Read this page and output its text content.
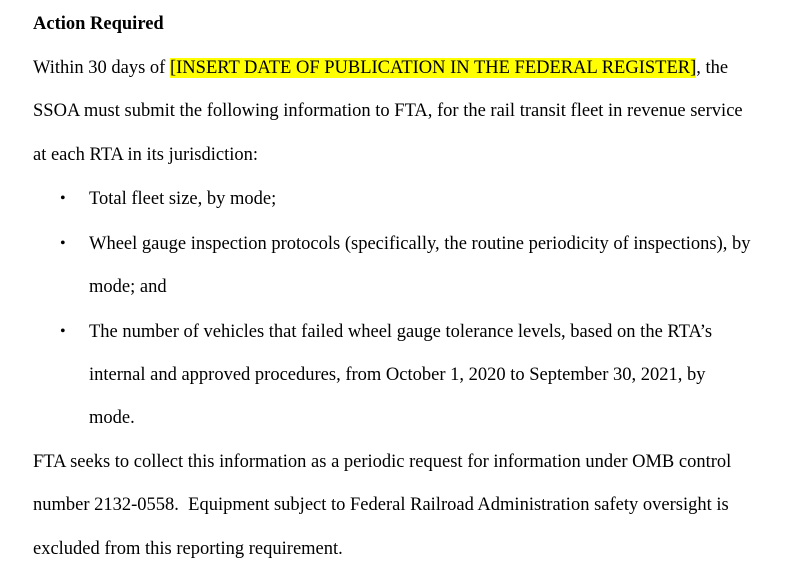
Action Required
Within 30 days of [INSERT DATE OF PUBLICATION IN THE FEDERAL REGISTER], the
SSOA must submit the following information to FTA, for the rail transit fleet in revenue service
at each RTA in its jurisdiction:
• Total fleet size, by mode;
• Wheel gauge inspection protocols (specifically, the routine periodicity of inspections), by
mode; and
• The number of vehicles that failed wheel gauge tolerance levels, based on the RTA’s
internal and approved procedures, from October 1, 2020 to September 30, 2021, by
mode.
FTA seeks to collect this information as a periodic request for information under OMB control
number 2132-0558.  Equipment subject to Federal Railroad Administration safety oversight is
excluded from this reporting requirement.
